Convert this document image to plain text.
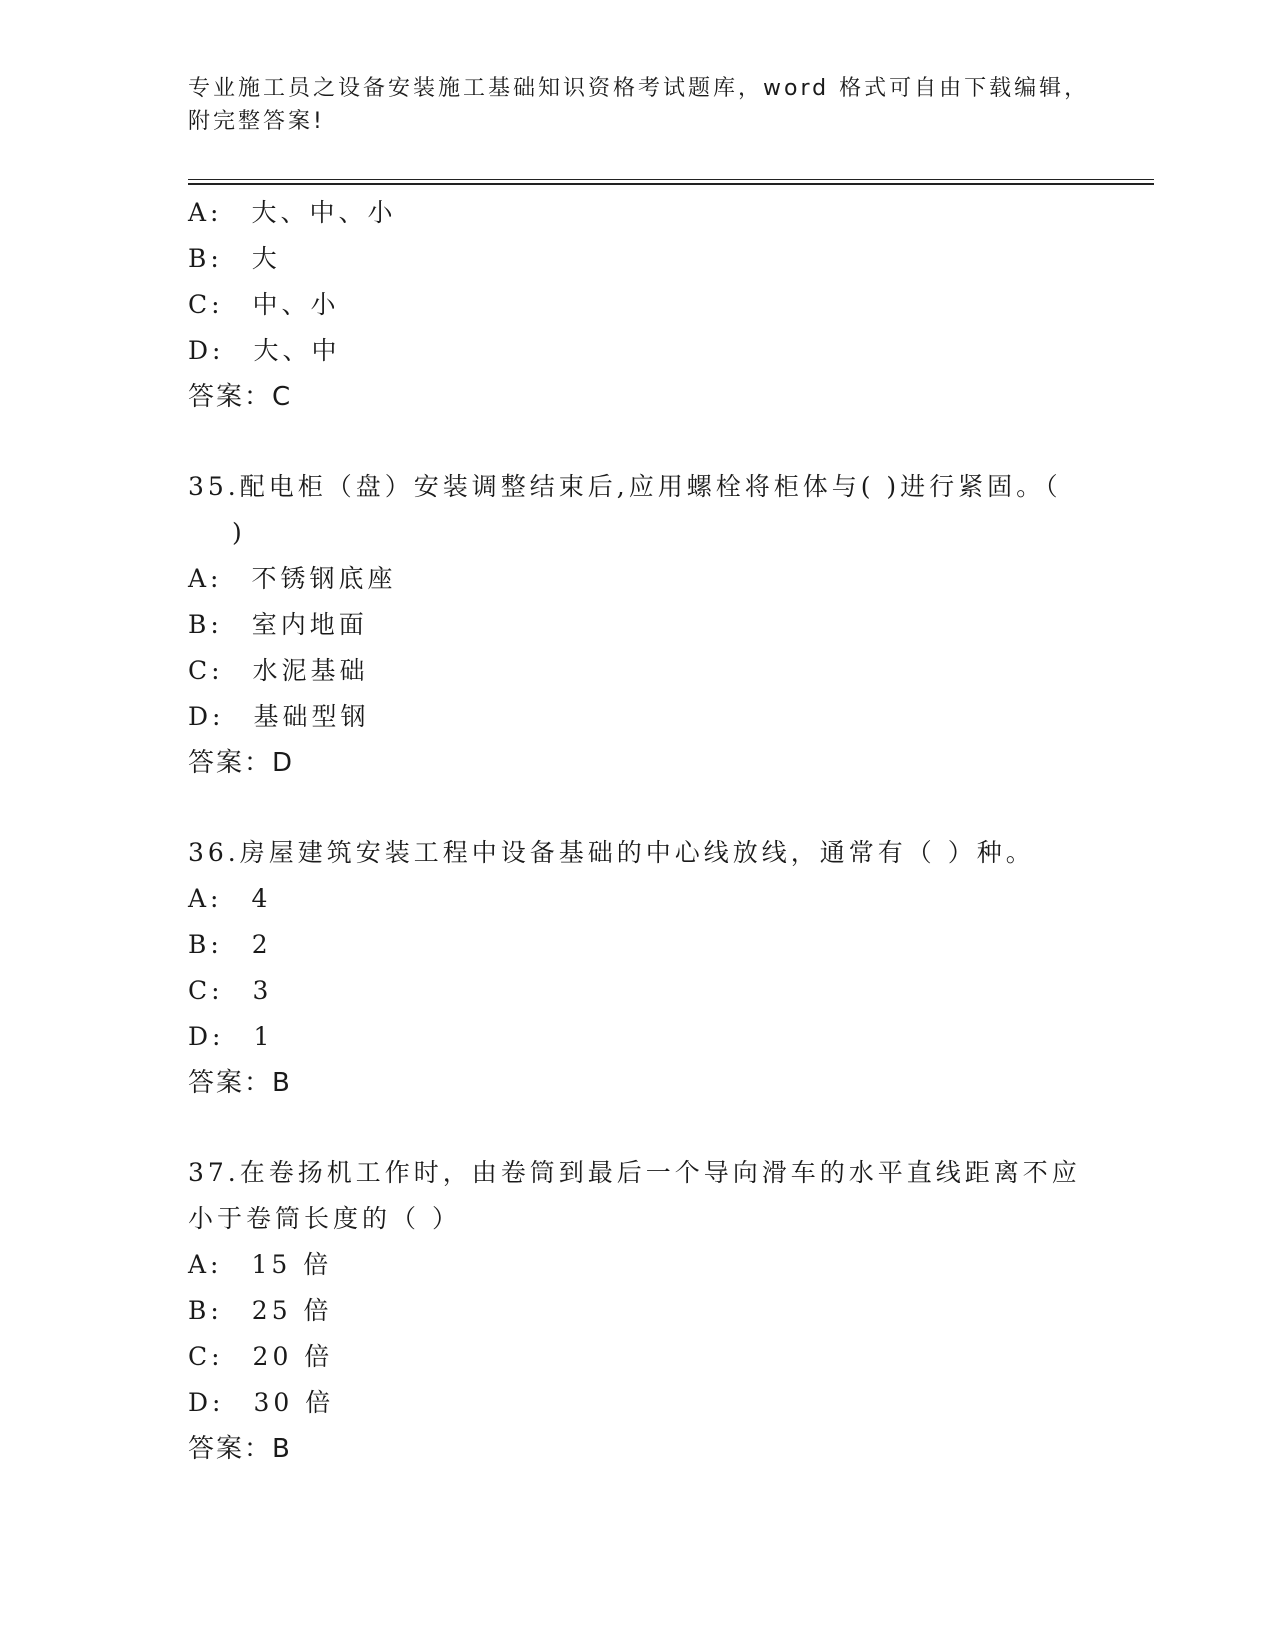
专业施工员之设备安装施工基础知识资格考试题库，word 格式可自由下载编辑，
附完整答案!
A:　大、中、小
B:　大
C:　中、小
D:　大、中
答案：C
35.配电柜（盘）安装调整结束后,应用螺栓将柜体与( )进行紧固。（
)
A:　不锈钢底座
B:　室内地面
C:　水泥基础
D:　基础型钢
答案：D
36.房屋建筑安装工程中设备基础的中心线放线，通常有（ ）种。
A:　4
B:　2
C:　3
D:　1
答案：B
37.在卷扬机工作时，由卷筒到最后一个导向滑车的水平直线距离不应
小于卷筒长度的（ ）
A:　15 倍
B:　25 倍
C:　20 倍
D:　30 倍
答案：B
